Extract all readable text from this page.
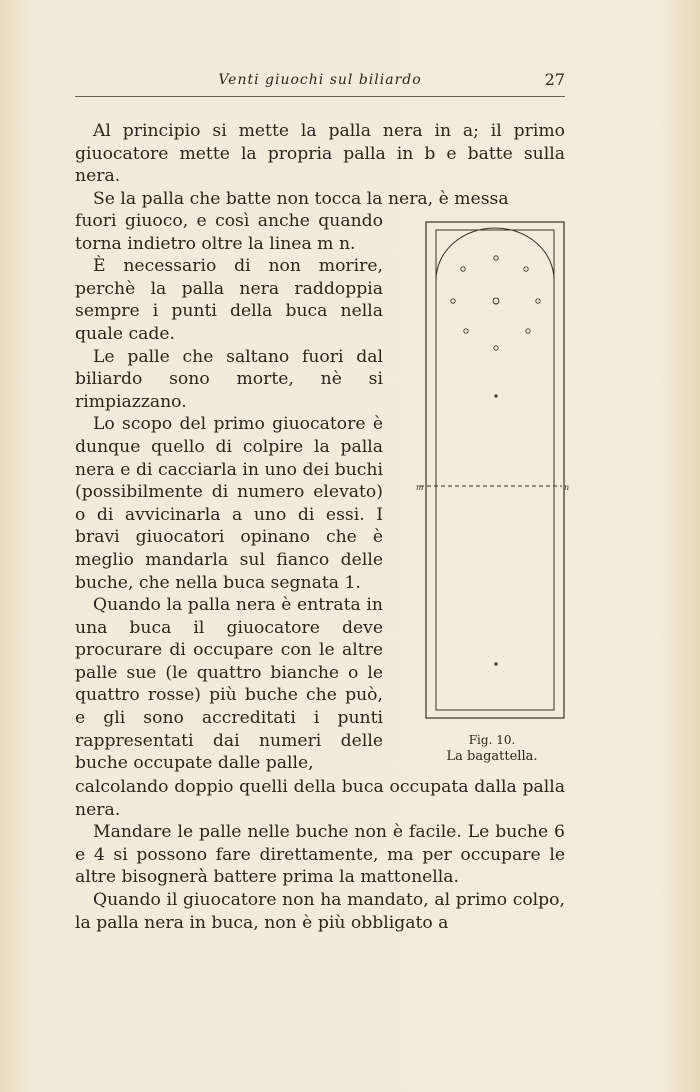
Venti giuochi sul biliardo	27

Al principio si mette la palla nera in a; il primo giuocatore mette la propria palla in b e batte sulla nera.

Se la palla che batte non tocca la nera, è messa

fuori giuoco, e così anche quando torna indietro oltre la linea m n.

È necessario di non morire, perchè la palla nera raddoppia sempre i punti della buca nella quale cade.

Le palle che saltano fuori dal biliardo sono morte, nè si rimpiazzano.

Lo scopo del primo giuocatore è dunque quello di colpire la palla nera e di cacciarla in uno dei buchi (possibilmente di numero elevato) o di avvicinarla a uno di essi. I bravi giuocatori opinano che è meglio mandarla sul fianco delle buche, che nella buca segnata 1.

Quando la palla nera è entrata in una buca il giuocatore deve procurare di occupare con le altre palle sue (le quattro bianche o le quattro rosse) più buche che può, e gli sono accreditati i punti rappresentati dai numeri delle buche occupate dalle palle,

calcolando doppio quelli della buca occupata dalla palla nera.

Mandare le palle nelle buche non è facile. Le buche 6 e 4 si possono fare direttamente, ma per occupare le altre bisognerà battere prima la mattonella.

Quando il giuocatore non ha mandato, al primo colpo, la palla nera in buca, non è più obbligato a

m	n
Fig. 10.
La bagattella.
